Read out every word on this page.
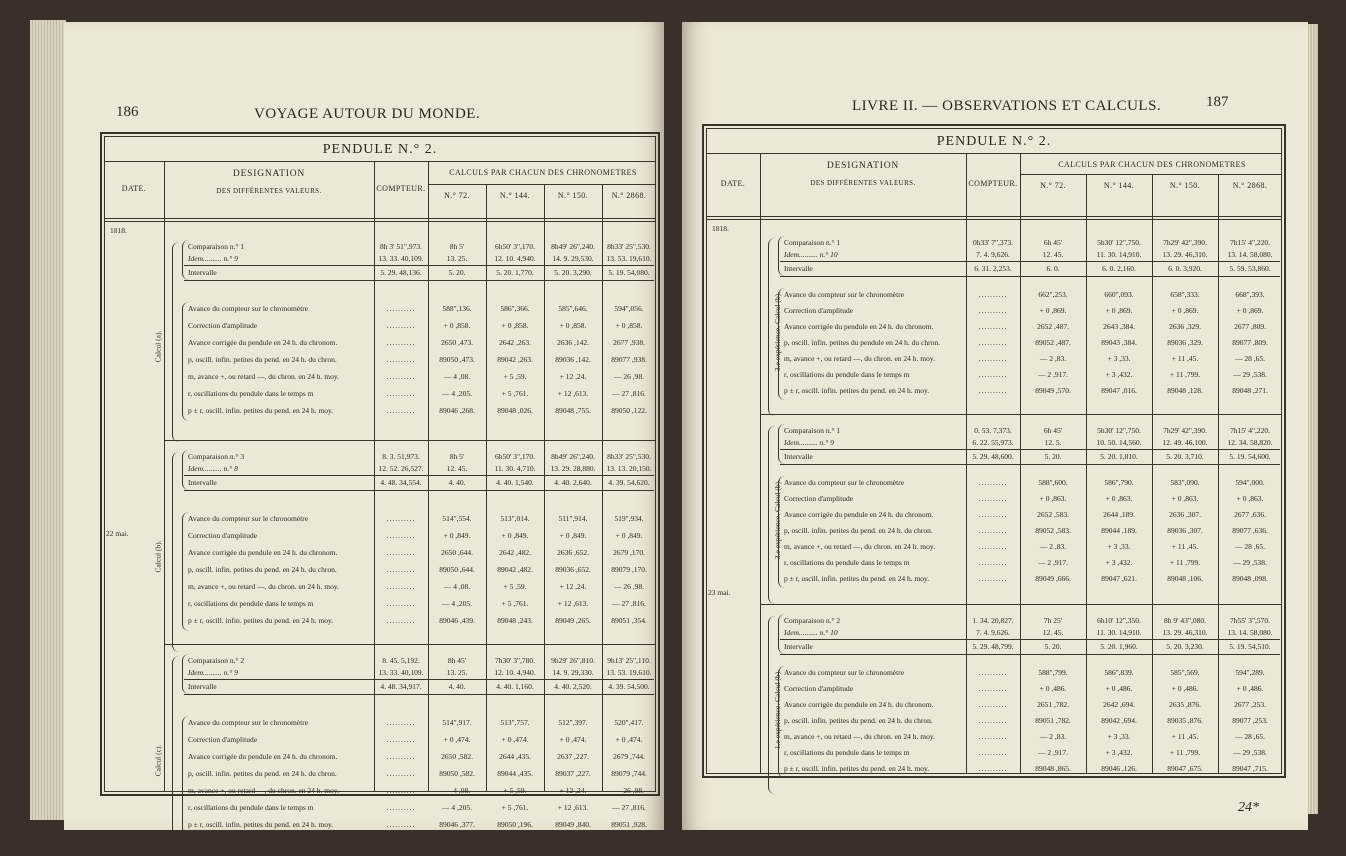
186	VOYAGE AUTOUR DU MONDE.
PENDULE N.° 2.
DATE.
DESIGNATION
DES DIFFÉRENTES VALEURS.	COMPTEUR.
CALCULS PAR CHACUN DES CHRONOMETRES
N.° 72.	N.° 144.	N.° 150.	N.° 2868.
1818.
22 mai.
Calcul (a).
Comparaison n.° 1
Idem.......... n.° 9
Intervalle
8h 3' 51",973.	8h 5'	6h50' 3",170.	8h49' 26",240.	8h33' 25",530.
13. 33. 40,109.	13. 25.	12. 10. 4,940.	14. 9. 29,530.	13. 53. 19,610.
5. 29. 48,136.	5. 20.	5. 20. 1,770.	5. 20. 3,290.	5. 19. 54,080.
Avance du compteur sur le chronomètre	..........	588",136.	586",366.	585",646.	594",056.
Correction d'amplitude	..........	+ 0 ,858.	+ 0 ,858.	+ 0 ,858.	+ 0 ,858.
Avance corrigée du pendule en 24 h. du chronom.	..........	2650 ,473.	2642 ,263.	2636 ,142.	2677 ,938.
p, oscill. infin. petites du pend. en 24 h. du chron.	..........	89050 ,473.	89042 ,263.	89036 ,142.	89077 ,938.
m, avance +, ou retard —, du chron. en 24 h. moy.	..........	— 4 ,08.	+ 5 ,59.	+ 12 ,24.	— 26 ,98.
r, oscillations du pendule dans le temps m	..........	— 4 ,205.	+ 5 ,761.	+ 12 ,613.	— 27 ,816.
p ± r, oscill. infin. petites du pend. en 24 h. moy.	..........	89046 ,268.	89048 ,026.	89048 ,755.	89050 ,122.
Calcul (b).
Comparaison n.° 3
Idem.......... n.° 8
Intervalle
8. 3. 51,973.	8h 5'	6h50' 3",170.	8h49' 26",240.	8h33' 25",530.
12. 52. 26,527.	12. 45.	11. 30. 4,710.	13. 29. 28,880.	13. 13. 20,150.
4. 48. 34,554.	4. 40.	4. 40. 1,540.	4. 40. 2,640.	4. 39. 54,620.
Avance du compteur sur le chronomètre	..........	514",554.	513",014.	511",914.	519",934.
Correction d'amplitude	..........	+ 0 ,849.	+ 0 ,849.	+ 0 ,849.	+ 0 ,849.
Avance corrigée du pendule en 24 h. du chronom.	..........	2650 ,644.	2642 ,482.	2636 ,652.	2679 ,170.
p, oscill. infin. petites du pend. en 24 h. du chron.	..........	89050 ,644.	89042 ,482.	89036 ,652.	89079 ,170.
m, avance +, ou retard —, du chron. en 24 h. moy.	..........	— 4 ,08.	+ 5 ,59.	+ 12 ,24.	— 26 ,98.
r, oscillations du pendule dans le temps m	..........	— 4 ,205.	+ 5 ,761.	+ 12 ,613.	— 27 ,816.
p ± r, oscill. infin. petites du pend. en 24 h. moy.	..........	89046 ,439.	89048 ,243.	89049 ,265.	89051 ,354.
Calcul (c).
Comparaison n.° 2
Idem.......... n.° 9
Intervalle
8. 45. 5,192.	8h 45'	7h30' 3",780.	9h29' 26",810.	9h13' 25",110.
13. 33. 40,109.	13. 25.	12. 10. 4,940.	14. 9. 29,330.	13. 53. 19,610.
4. 48. 34,917.	4. 40.	4. 40. 1,160.	4. 40. 2,520.	4. 39. 54,500.
Avance du compteur sur le chronomètre	..........	514",917.	513",757.	512",397.	520",417.
Correction d'amplitude	..........	+ 0 ,474.	+ 0 ,474.	+ 0 ,474.	+ 0 ,474.
Avance corrigée du pendule en 24 h. du chronom.	..........	2650 ,582.	2644 ,435.	2637 ,227.	2679 ,744.
p, oscill. infin. petites du pend. en 24 h. du chron.	..........	89050 ,582.	89044 ,435.	89037 ,227.	89079 ,744.
m, avance +, ou retard —, du chron. en 24 h. moy.	..........	— 4 ,08.	+ 5 ,59.	+ 12 ,24.	— 26 ,98.
r, oscillations du pendule dans le temps m	..........	— 4 ,205.	+ 5 ,761.	+ 12 ,613.	— 27 ,816.
p ± r, oscill. infin. petites du pend. en 24 h. moy.	..........	89046 ,377.	89050 ,196.	89049 ,840.	89051 ,928.
187
LIVRE II. — OBSERVATIONS ET CALCULS.
24*
PENDULE N.° 2.
DATE.
DESIGNATION
DES DIFFÉRENTES VALEURS.	COMPTEUR.
CALCULS PAR CHACUN DES CHRONOMETRES
N.° 72.	N.° 144.	N.° 150.	N.° 2868.
1818.
23 mai.
3.e expérience. Calcul (b).
Comparaison n.° 1
Idem.......... n.° 10
Intervalle
0h33' 7",373.	6h 45'	5h30' 12",750.	7h29' 42",390.	7h15' 4",220.
7. 4. 9,626.	12. 45.	11. 30. 14,910.	13. 29. 46,310.	13. 14. 58,080.
6. 31. 2,253.	6. 0.	6. 0. 2,160.	6. 0. 3,920.	5. 59. 53,860.
Avance du compteur sur le chronomètre	..........	662",253.	660",093.	658",333.	668",393.
Correction d'amplitude	..........	+ 0 ,869.	+ 0 ,869.	+ 0 ,869.	+ 0 ,869.
Avance corrigée du pendule en 24 h. du chronom.	..........	2652 ,487.	2643 ,384.	2636 ,329.	2677 ,809.
p, oscill. infin. petites du pendule en 24 h. du chron.	..........	89052 ,487.	89043 ,384.	89036 ,329.	89077 ,809.
m, avance +, ou retard —, du chron. en 24 h. moy.	..........	— 2 ,83.	+ 3 ,33.	+ 11 ,45.	— 28 ,65.
r, oscillations du pendule dans le temps m	..........	— 2 ,917.	+ 3 ,432.	+ 11 ,799.	— 29 ,538.
p ± r, oscill. infin. petites du pend. en 24 h. moy.	..........	89049 ,570.	89047 ,016.	89048 ,128.	89048 ,271.
3.e expérience. Calcul (b).
Comparaison n.° 1
Idem.......... n.° 9
Intervalle
0. 53. 7,373.	6h 45'	5h30' 12",750.	7h29' 42",390.	7h15' 4",220.
6. 22. 55,973.	12. 5.	10. 50. 14,560.	12. 49. 46,100.	12. 34. 58,820.
5. 29. 48,600.	5. 20.	5. 20. 1,810.	5. 20. 3,710.	5. 19. 54,600.
Avance du compteur sur le chronomètre	..........	588",600.	586",790.	583",090.	594",000.
Correction d'amplitude	..........	+ 0 ,863.	+ 0 ,863.	+ 0 ,863.	+ 0 ,863.
Avance corrigée du pendule en 24 h. du chronom.	..........	2652 ,583.	2644 ,189.	2636 ,307.	2677 ,636.
p, oscill. infin. petites du pend. en 24 h. du chron.	..........	89052 ,583.	89044 ,189.	89036 ,307.	89077 ,636.
m, avance +, ou retard —, du chron. en 24 h. moy.	..........	— 2 ,83.	+ 3 ,33.	+ 11 ,45.	— 28 ,65.
r, oscillations du pendule dans le temps m	..........	— 2 ,917.	+ 3 ,432.	+ 11 ,799.	— 29 ,538.
p ± r, oscill. infin. petites du pend. en 24 h. moy.	..........	89049 ,666.	89047 ,621.	89048 ,106.	89048 ,098.
1.e expérience. Calcul (b).
Comparaison n.° 2
Idem.......... n.° 10
Intervalle
1. 34. 20,827.	7h 25'	6h10' 12",350.	8h 9' 43",080.	7h55' 3",570.
7. 4. 9,626.	12. 45.	11. 30. 14,910.	13. 29. 46,310.	13. 14. 58,080.
5. 29. 48,799.	5. 20.	5. 20. 1,960.	5. 20. 3,230.	5. 19. 54,510.
Avance du compteur sur le chronomètre	..........	588",799.	586",839.	585",569.	594",289.
Correction d'amplitude	..........	+ 0 ,486.	+ 0 ,486.	+ 0 ,486.	+ 0 ,486.
Avance corrigée du pendule en 24 h. du chronom.	..........	2651 ,782.	2642 ,694.	2635 ,876.	2677 ,253.
p, oscill. infin. petites du pend. en 24 h. du chron.	..........	89051 ,782.	89042 ,694.	89035 ,876.	89077 ,253.
m, avance +, ou retard —, du chron. en 24 h. moy.	..........	— 2 ,83.	+ 3 ,33.	+ 11 ,45.	— 28 ,65.
r, oscillations du pendule dans le temps m	..........	— 2 ,917.	+ 3 ,432.	+ 11 ,799.	— 29 ,538.
p ± r, oscill. infin. petites du pend. en 24 h. moy.	..........	89048 ,865.	89046 ,126.	89047 ,675.	89047 ,715.
